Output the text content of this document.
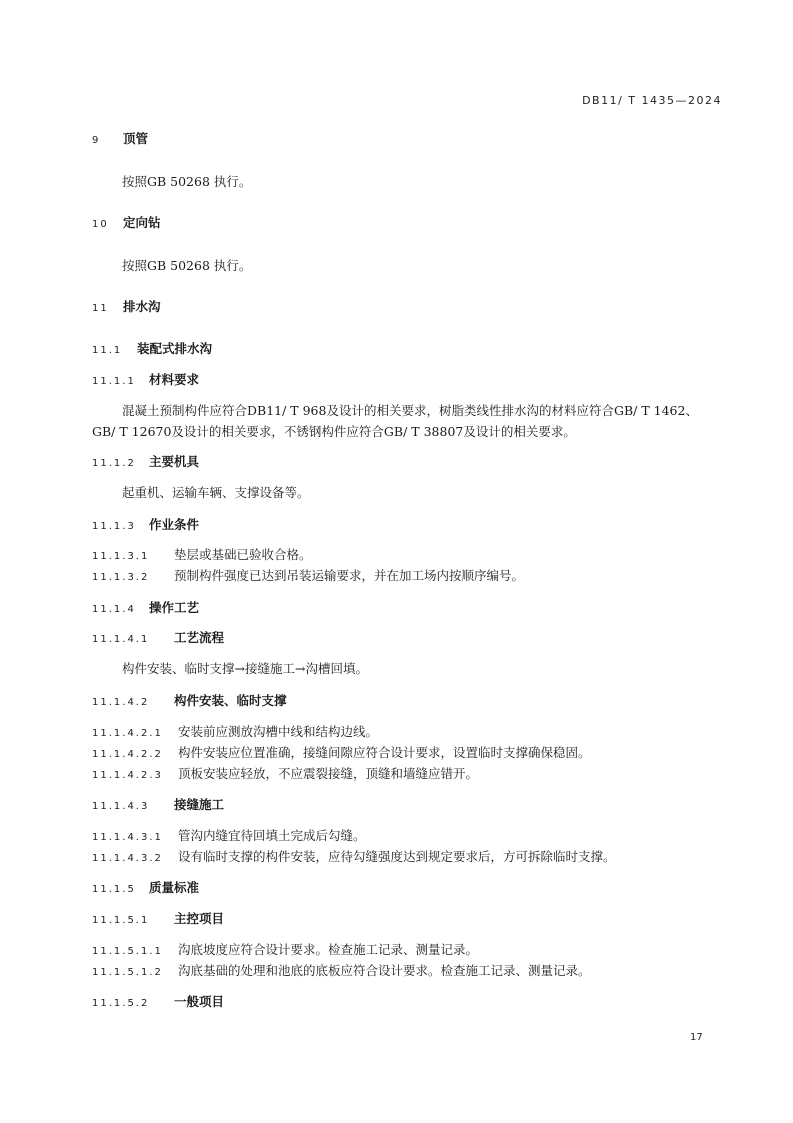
DB11/ T 1435—2024
9 顶管
按照GB 50268 执行。
10 定向钻
按照GB 50268 执行。
11 排水沟
11.1 装配式排水沟
11.1.1 材料要求
混凝土预制构件应符合DB11/ T 968及设计的相关要求，树脂类线性排水沟的材料应符合GB/ T 1462、
GB/ T 12670及设计的相关要求，不锈钢构件应符合GB/ T 38807及设计的相关要求。
11.1.2 主要机具
起重机、运输车辆、支撑设备等。
11.1.3 作业条件
11.1.3.1 垫层或基础已验收合格。
11.1.3.2 预制构件强度已达到吊装运输要求，并在加工场内按顺序编号。
11.1.4 操作工艺
11.1.4.1 工艺流程
构件安装、临时支撑→接缝施工→沟槽回填。
11.1.4.2 构件安装、临时支撑
11.1.4.2.1 安装前应测放沟槽中线和结构边线。
11.1.4.2.2 构件安装应位置准确，接缝间隙应符合设计要求，设置临时支撑确保稳固。
11.1.4.2.3 顶板安装应轻放，不应震裂接缝，顶缝和墙缝应错开。
11.1.4.3 接缝施工
11.1.4.3.1 管沟内缝宜待回填土完成后勾缝。
11.1.4.3.2 设有临时支撑的构件安装，应待勾缝强度达到规定要求后，方可拆除临时支撑。
11.1.5 质量标准
11.1.5.1 主控项目
11.1.5.1.1 沟底坡度应符合设计要求。检查施工记录、测量记录。
11.1.5.1.2 沟底基础的处理和池底的底板应符合设计要求。检查施工记录、测量记录。
11.1.5.2 一般项目
17
